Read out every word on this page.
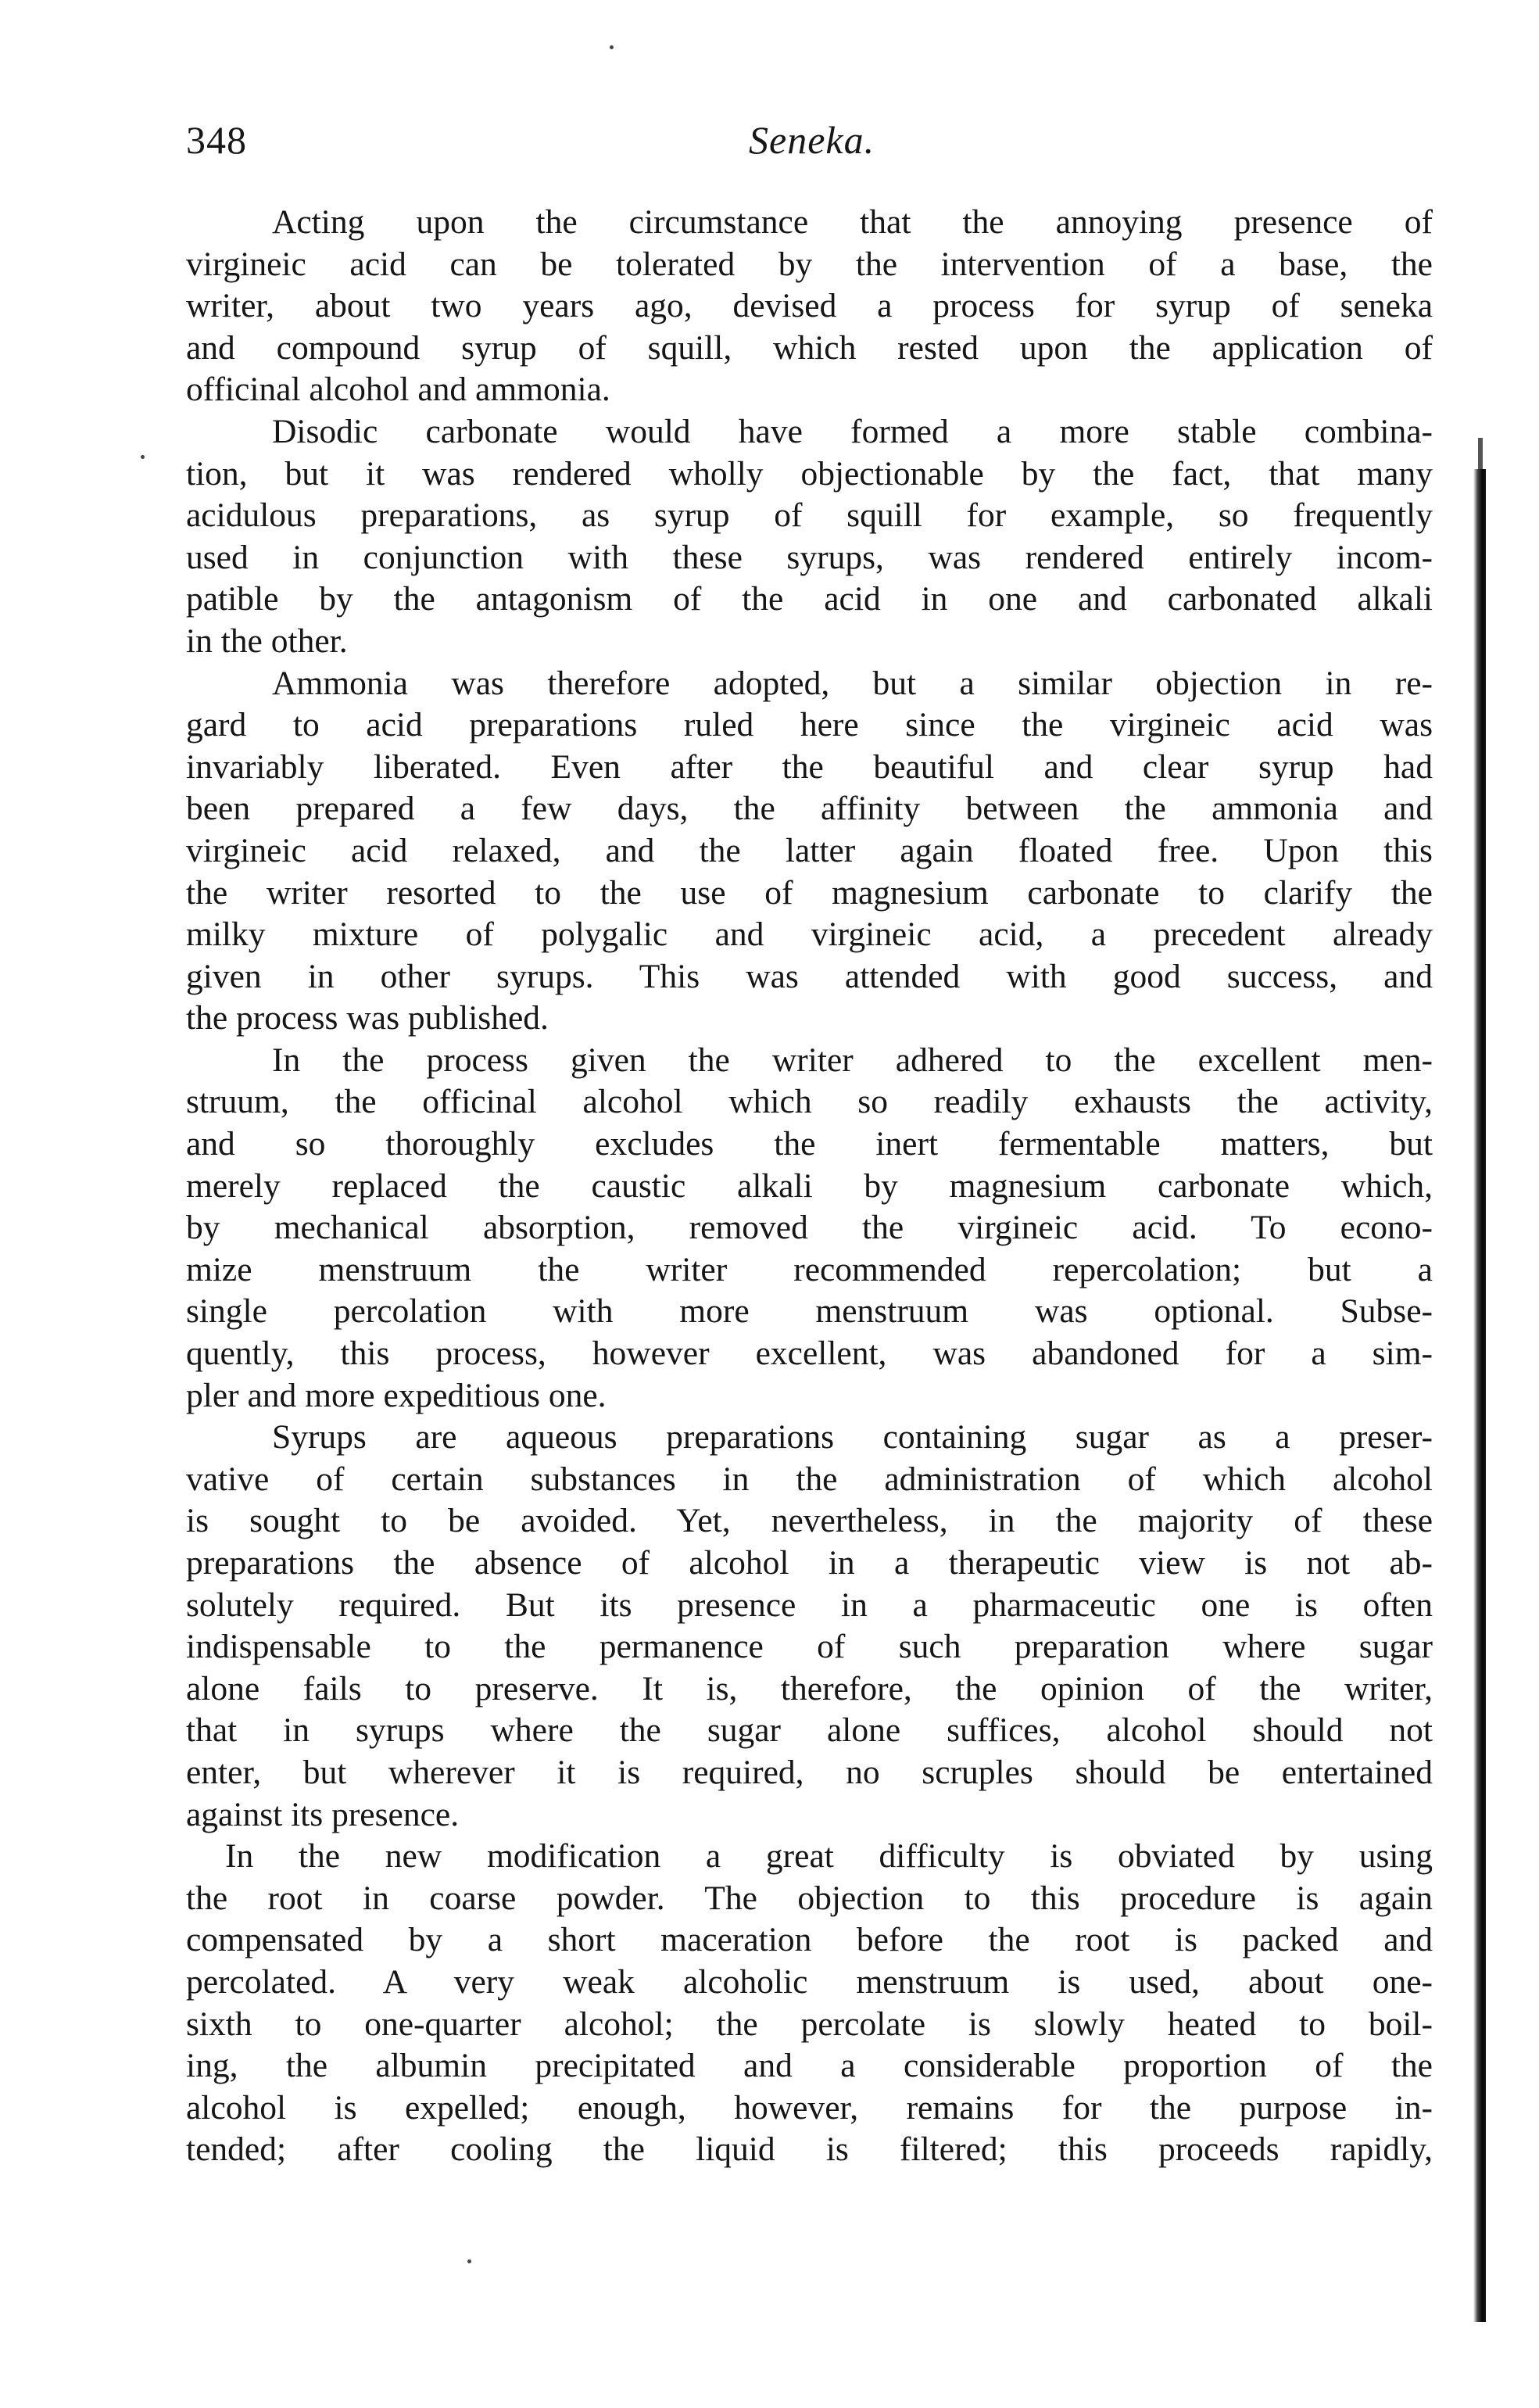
348	Seneka.
Acting upon the circumstance that the annoying presence of
virgineic acid can be tolerated by the intervention of a base, the
writer, about two years ago, devised a process for syrup of seneka
and compound syrup of squill, which rested upon the application of
officinal alcohol and ammonia.
Disodic carbonate would have formed a more stable combina-
tion, but it was rendered wholly objectionable by the fact, that many
acidulous preparations, as syrup of squill for example, so frequently
used in conjunction with these syrups, was rendered entirely incom-
patible by the antagonism of the acid in one and carbonated alkali
in the other.
Ammonia was therefore adopted, but a similar objection in re-
gard to acid preparations ruled here since the virgineic acid was
invariably liberated. Even after the beautiful and clear syrup had
been prepared a few days, the affinity between the ammonia and
virgineic acid relaxed, and the latter again floated free. Upon this
the writer resorted to the use of magnesium carbonate to clarify the
milky mixture of polygalic and virgineic acid, a precedent already
given in other syrups. This was attended with good success, and
the process was published.
In the process given the writer adhered to the excellent men-
struum, the officinal alcohol which so readily exhausts the activity,
and so thoroughly excludes the inert fermentable matters, but
merely replaced the caustic alkali by magnesium carbonate which,
by mechanical absorption, removed the virgineic acid. To econo-
mize menstruum the writer recommended repercolation; but a
single percolation with more menstruum was optional. Subse-
quently, this process, however excellent, was abandoned for a sim-
pler and more expeditious one.
Syrups are aqueous preparations containing sugar as a preser-
vative of certain substances in the administration of which alcohol
is sought to be avoided. Yet, nevertheless, in the majority of these
preparations the absence of alcohol in a therapeutic view is not ab-
solutely required. But its presence in a pharmaceutic one is often
indispensable to the permanence of such preparation where sugar
alone fails to preserve. It is, therefore, the opinion of the writer,
that in syrups where the sugar alone suffices, alcohol should not
enter, but wherever it is required, no scruples should be entertained
against its presence.
In the new modification a great difficulty is obviated by using
the root in coarse powder. The objection to this procedure is again
compensated by a short maceration before the root is packed and
percolated. A very weak alcoholic menstruum is used, about one-
sixth to one-quarter alcohol; the percolate is slowly heated to boil-
ing, the albumin precipitated and a considerable proportion of the
alcohol is expelled; enough, however, remains for the purpose in-
tended; after cooling the liquid is filtered; this proceeds rapidly,
